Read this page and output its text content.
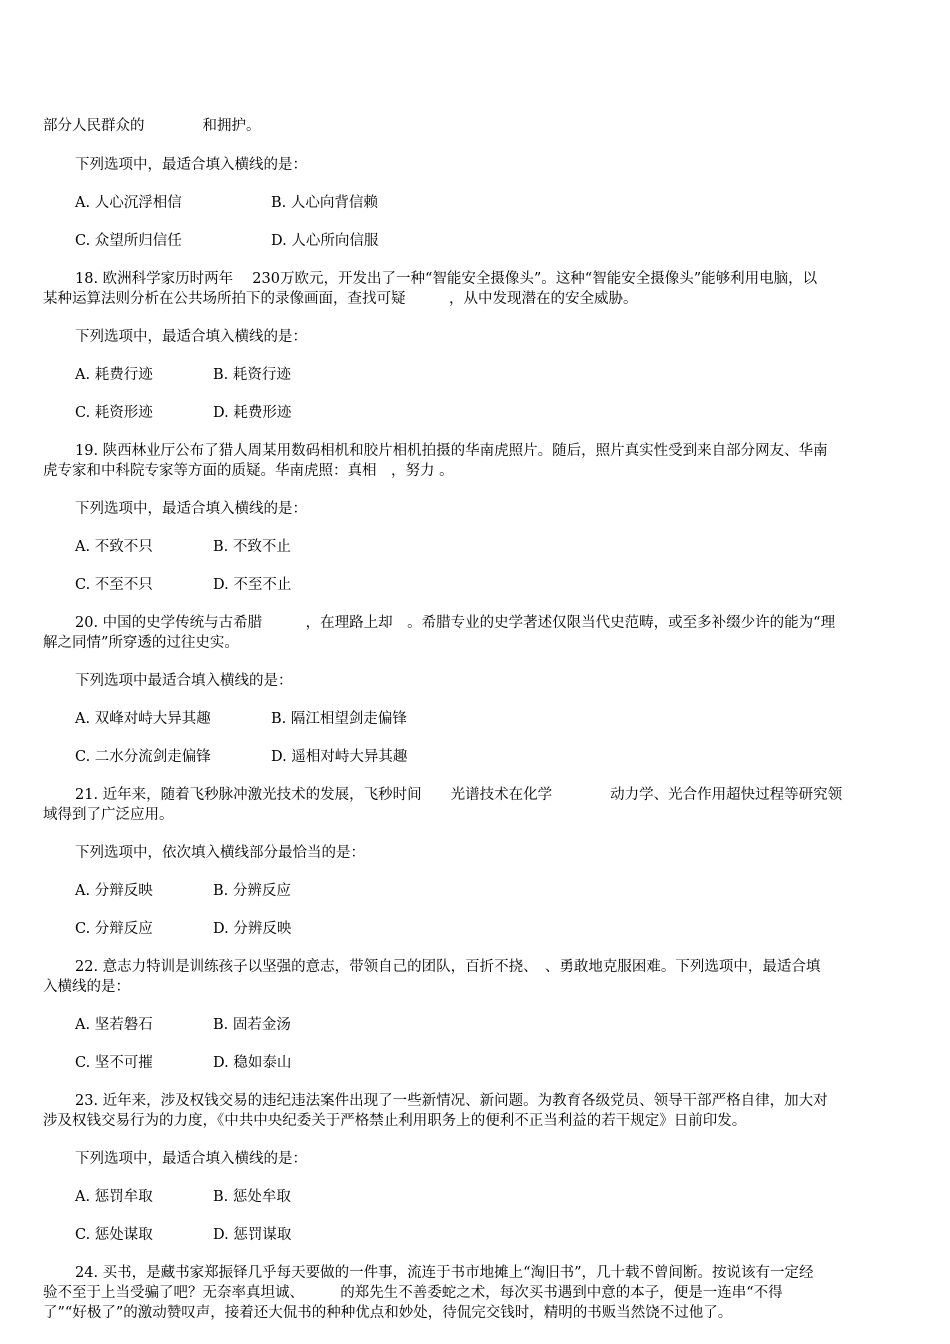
部分人民群众的　　　　和拥护。
下列选项中，最适合填入横线的是：
A. 人心沉浮相信	B. 人心向背信赖
C. 众望所归信任	D. 人心所向信服
18. 欧洲科学家历时两年　 230万欧元，开发出了一种“智能安全摄像头”。这种“智能安全摄像头”能够利用电脑，以
某种运算法则分析在公共场所拍下的录像画面，查找可疑　　　，从中发现潜在的安全威胁。
下列选项中，最适合填入横线的是：
A. 耗费行迹	B. 耗资行迹
C. 耗资形迹	D. 耗费形迹
19. 陕西林业厅公布了猎人周某用数码相机和胶片相机拍摄的华南虎照片。随后，照片真实性受到来自部分网友、华南
虎专家和中科院专家等方面的质疑。华南虎照：真相　，努力 。
下列选项中，最适合填入横线的是：
A. 不致不只	B. 不致不止
C. 不至不只	D. 不至不止
20. 中国的史学传统与古希腊　　　，在理路上却　。希腊专业的史学著述仅限当代史范畴，或至多补缀少许的能为“理
解之同情”所穿透的过往史实。
下列选项中最适合填入横线的是：
A. 双峰对峙大异其趣	B. 隔江相望剑走偏锋
C. 二水分流剑走偏锋	D. 遥相对峙大异其趣
21. 近年来，随着飞秒脉冲激光技术的发展，飞秒时间　　光谱技术在化学　　　　动力学、光合作用超快过程等研究领
域得到了广泛应用。
下列选项中，依次填入横线部分最恰当的是：
A. 分辩反映	B. 分辨反应
C. 分辩反应	D. 分辨反映
22. 意志力特训是训练孩子以坚强的意志，带领自己的团队，百折不挠、　、勇敢地克服困难。下列选项中，最适合填
入横线的是：
A. 坚若磐石	B. 固若金汤
C. 坚不可摧	D. 稳如泰山
23. 近年来，涉及权钱交易的违纪违法案件出现了一些新情况、新问题。为教育各级党员、领导干部严格自律，加大对
涉及权钱交易行为的力度，《中共中央纪委关于严格禁止利用职务上的便利不正当利益的若干规定》日前印发。
下列选项中，最适合填入横线的是：
A. 惩罚牟取	B. 惩处牟取
C. 惩处谋取	D. 惩罚谋取
24. 买书，是藏书家郑振铎几乎每天要做的一件事，流连于书市地摊上“淘旧书”，几十载不曾间断。按说该有一定经
验不至于上当受骗了吧？无奈率真坦诚、　　　的郑先生不善委蛇之术，每次买书遇到中意的本子，便是一连串“不得
了”“好极了”的激动赞叹声，接着还大侃书的种种优点和妙处，待侃完交钱时，精明的书贩当然饶不过他了。
